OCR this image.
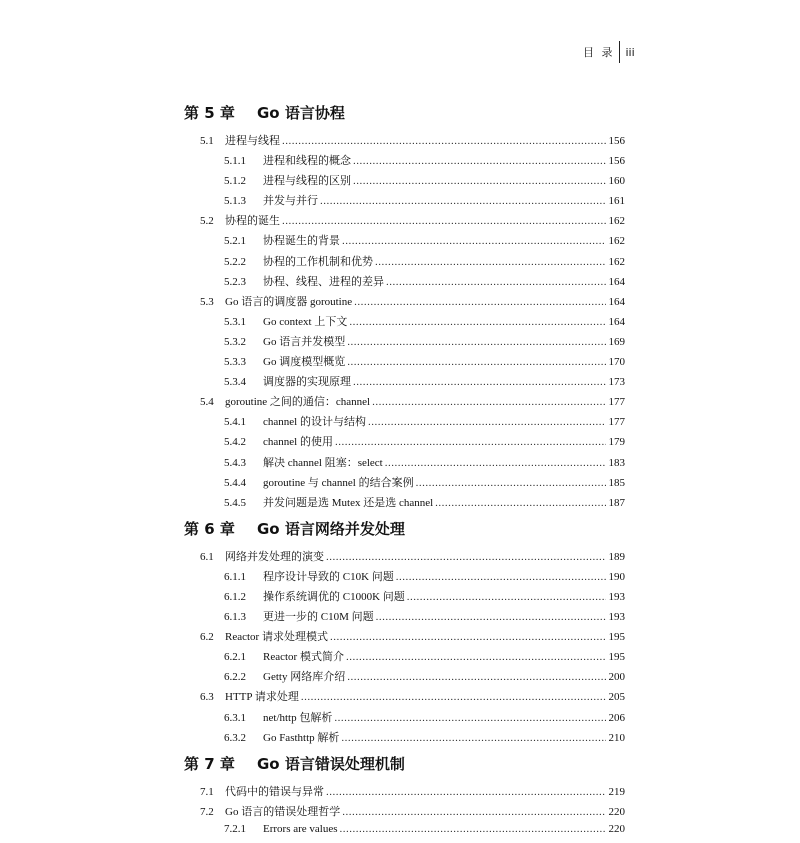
目 录 iii
第 5 章 Go 语言协程
5.1 进程与线程 .....	156
5.1.1	进程和线程的概念 .....	156
5.1.2	进程与线程的区别 .....	160
5.1.3	并发与并行 .....	161
5.2 协程的诞生 .....	162
5.2.1	协程诞生的背景 .....	162
5.2.2	协程的工作机制和优势 .....	162
5.2.3	协程、线程、进程的差异 .....	164
5.3 Go 语言的调度器 goroutine .....	164
5.3.1	Go context 上下文 .....	164
5.3.2	Go 语言并发模型 .....	169
5.3.3	Go 调度模型概览 .....	170
5.3.4	调度器的实现原理 .....	173
5.4 goroutine 之间的通信：channel .....	177
5.4.1	channel 的设计与结构 .....	177
5.4.2	channel 的使用 .....	179
5.4.3	解决 channel 阻塞：select .....	183
5.4.4	goroutine 与 channel 的结合案例 .....	185
5.4.5	并发问题是选 Mutex 还是选 channel .....	187
第 6 章 Go 语言网络并发处理
6.1 网络并发处理的演变 .....	189
6.1.1	程序设计导致的 C10K 问题 .....	190
6.1.2	操作系统调优的 C1000K 问题 .....	193
6.1.3	更进一步的 C10M 问题 .....	193
6.2 Reactor 请求处理模式 .....	195
6.2.1	Reactor 模式简介 .....	195
6.2.2	Getty 网络库介绍 .....	200
6.3 HTTP 请求处理 .....	205
6.3.1	net/http 包解析 .....	206
6.3.2	Go Fasthttp 解析 .....	210
第 7 章 Go 语言错误处理机制
7.1 代码中的错误与异常 .....	219
7.2 Go 语言的错误处理哲学 .....	220
7.2.1	Errors are values .....	220
